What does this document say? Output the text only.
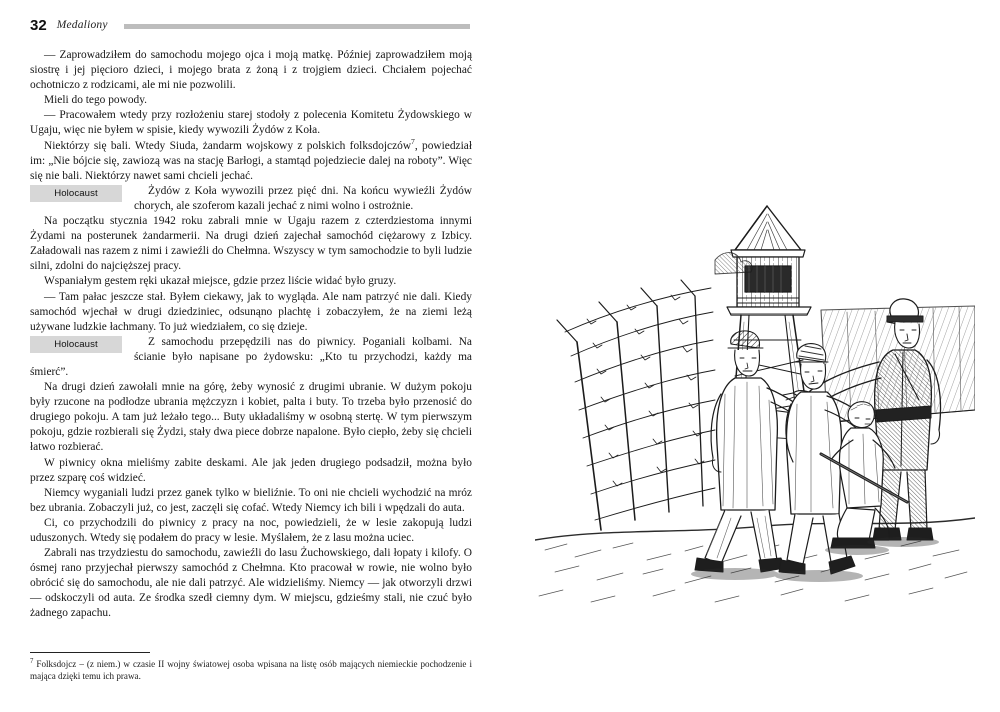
32 Medaliony

— Zaprowadziłem do samochodu mojego ojca i moją matkę. Później zaprowadziłem moją siostrę i jej pięcioro dzieci, i mojego brata z żoną i z trojgiem dzieci. Chciałem pojechać ochotniczo z rodzicami, ale mi nie pozwolili.

Mieli do tego powody.

— Pracowałem wtedy przy rozłożeniu starej stodoły z polecenia Komitetu Żydowskiego w Ugaju, więc nie byłem w spisie, kiedy wywozili Żydów z Koła.

Niektórzy się bali. Wtedy Siuda, żandarm wojskowy z polskich folksdojczów$^7$, powiedział im: „Nie bójcie się, zawiozą was na stację Barłogi, a stamtąd pojedziecie dalej na roboty”. Więc się nie bali. Niektórzy nawet sami chcieli jechać.

Holocaust	Żydów z Koła wywozili przez pięć dni. Na końcu wywieźli Żydów chorych, ale szoferom kazali jechać z nimi wolno i ostrożnie.

Na początku stycznia 1942 roku zabrali mnie w Ugaju razem z czterdziestoma innymi Żydami na posterunek żandarmerii. Na drugi dzień zajechał samochód ciężarowy z Izbicy. Załadowali nas razem z nimi i zawieźli do Chełmna. Wszyscy w tym samochodzie to byli ludzie silni, zdolni do najcięższej pracy.

Wspaniałym gestem ręki ukazał miejsce, gdzie przez liście widać było gruzy.

— Tam pałac jeszcze stał. Byłem ciekawy, jak to wygląda. Ale nam patrzyć nie dali. Kiedy samochód wjechał w drugi dziedziniec, odsunąno plachtę i zobaczyłem, że na ziemi leżą używane ludzkie łachmany. To już wiedziałem, co się dzieje.

Holocaust	Z samochodu przepędzili nas do piwnicy. Poganiali kolbami. Na ścianie było napisane po żydowsku: „Kto tu przychodzi, każdy ma śmierć”.

Na drugi dzień zawołali mnie na górę, żeby wynosić z drugimi ubranie. W dużym pokoju były rzucone na podłodze ubrania mężczyzn i kobiet, palta i buty. To trzeba było przenosić do drugiego pokoju. A tam już leżało tego... Buty układaliśmy w osobną stertę. W tym pierwszym pokoju, gdzie rozbierali się Żydzi, stały dwa piece dobrze napalone. Było ciepło, żeby się chcieli łatwo rozbierać.

W piwnicy okna mieliśmy zabite deskami. Ale jak jeden drugiego podsadził, można było przez szparę coś widzieć.

Niemcy wyganiali ludzi przez ganek tylko w bieliźnie. To oni nie chcieli wychodzić na mróz bez ubrania. Zobaczyli już, co jest, zaczęli się cofać. Wtedy Niemcy ich bili i wpędzali do auta.

Ci, co przychodzili do piwnicy z pracy na noc, powiedzieli, że w lesie zakopują ludzi uduszonych. Wtedy się podałem do pracy w lesie. Myślałem, że z lasu można uciec.

Zabrali nas trzydziestu do samochodu, zawieźli do lasu Żuchowskiego, dali łopaty i kilofy. O ósmej rano przyjechał pierwszy samochód z Chełmna. Kto pracował w rowie, nie wolno było obrócić się do samochodu, ale nie dali patrzyć. Ale widzieliśmy. Niemcy — jak otworzyli drzwi — odskoczyli od auta. Ze środka szedł ciemny dym. W miejscu, gdzieśmy stali, nie czuć było żadnego zapachu.

$^7$ Folksdojcz – (z niem.) w czasie II wojny światowej osoba wpisana na listę osób mających niemieckie pochodzenie i mająca dzięki temu ich prawa.
